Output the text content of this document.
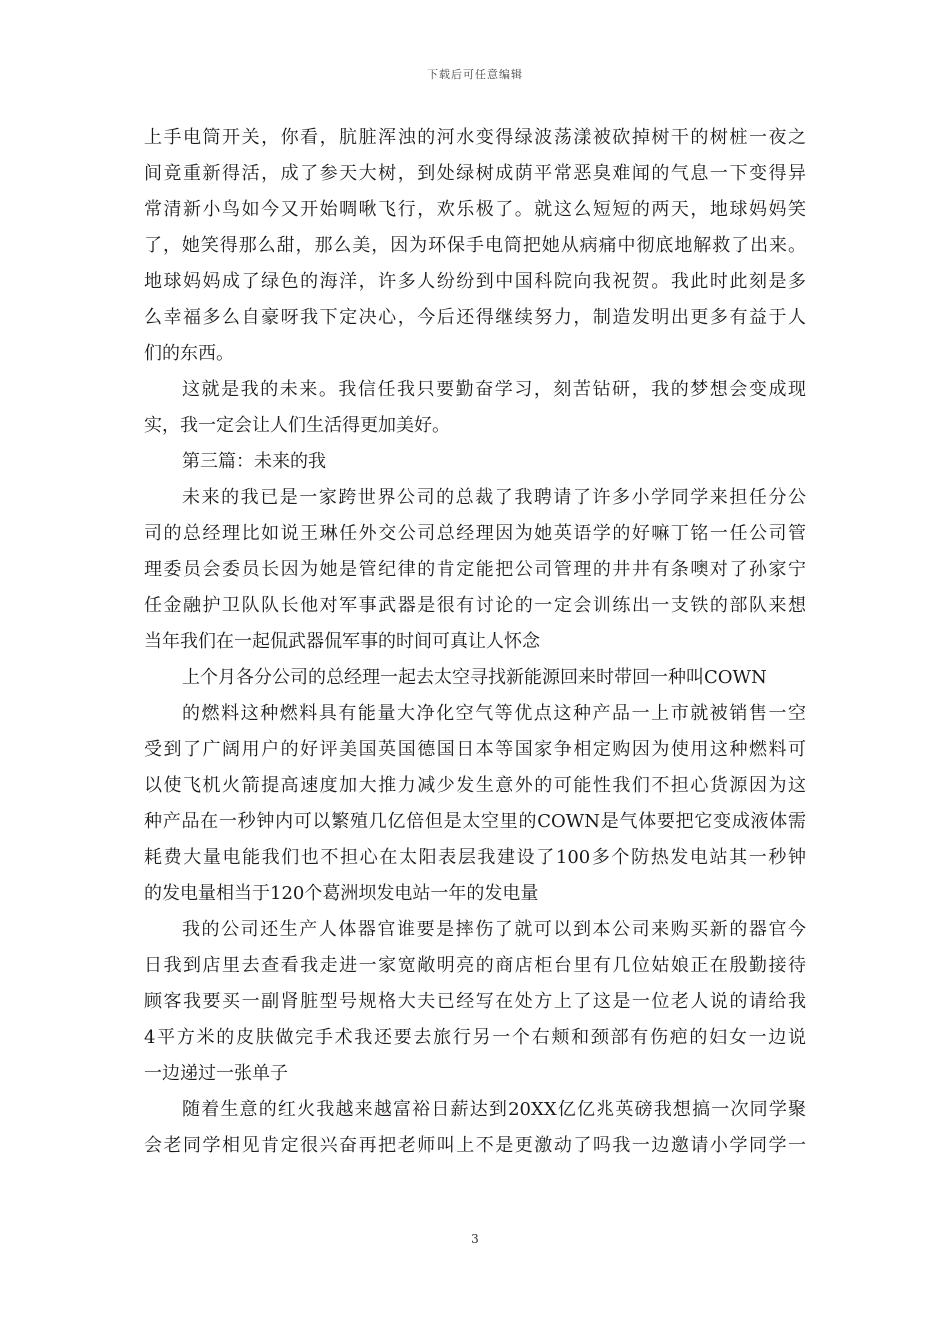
下载后可任意编辑
上手电筒开关，你看，肮脏浑浊的河水变得绿波荡漾被砍掉树干的树桩一夜之
间竟重新得活，成了参天大树，到处绿树成荫平常恶臭难闻的气息一下变得异
常清新小鸟如今又开始啁啾飞行，欢乐极了。就这么短短的两天，地球妈妈笑
了，她笑得那么甜，那么美，因为环保手电筒把她从病痛中彻底地解救了出来。
地球妈妈成了绿色的海洋，许多人纷纷到中国科院向我祝贺。我此时此刻是多
么幸福多么自豪呀我下定决心，今后还得继续努力，制造发明出更多有益于人
们的东西。
这就是我的未来。我信任我只要勤奋学习，刻苦钻研，我的梦想会变成现
实，我一定会让人们生活得更加美好。
第三篇：未来的我
未来的我已是一家跨世界公司的总裁了我聘请了许多小学同学来担任分公
司的总经理比如说王琳任外交公司总经理因为她英语学的好嘛丁铭一任公司管
理委员会委员长因为她是管纪律的肯定能把公司管理的井井有条噢对了孙家宁
任金融护卫队队长他对军事武器是很有讨论的一定会训练出一支铁的部队来想
当年我们在一起侃武器侃军事的时间可真让人怀念
上个月各分公司的总经理一起去太空寻找新能源回来时带回一种叫COWN
的燃料这种燃料具有能量大净化空气等优点这种产品一上市就被销售一空
受到了广阔用户的好评美国英国德国日本等国家争相定购因为使用这种燃料可
以使飞机火箭提高速度加大推力减少发生意外的可能性我们不担心货源因为这
种产品在一秒钟内可以繁殖几亿倍但是太空里的COWN是气体要把它变成液体需
耗费大量电能我们也不担心在太阳表层我建设了100多个防热发电站其一秒钟
的发电量相当于120个葛洲坝发电站一年的发电量
我的公司还生产人体器官谁要是摔伤了就可以到本公司来购买新的器官今
日我到店里去查看我走进一家宽敞明亮的商店柜台里有几位姑娘正在殷勤接待
顾客我要买一副肾脏型号规格大夫已经写在处方上了这是一位老人说的请给我
4平方米的皮肤做完手术我还要去旅行另一个右颊和颈部有伤疤的妇女一边说
一边递过一张单子
随着生意的红火我越来越富裕日薪达到20XX亿亿兆英磅我想搞一次同学聚
会老同学相见肯定很兴奋再把老师叫上不是更激动了吗我一边邀请小学同学一
3
